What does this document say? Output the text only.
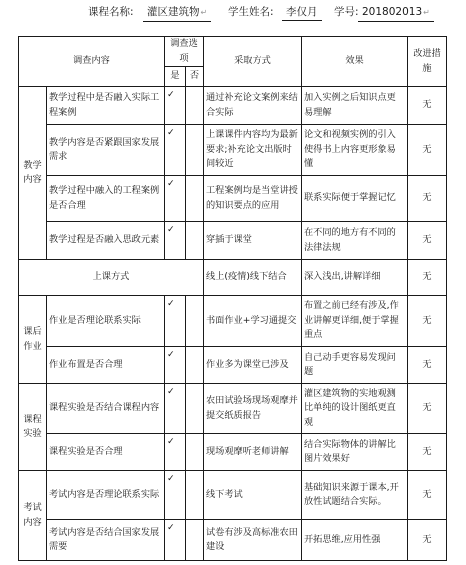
课程名称:	灌区建筑物↵	学生姓名:	李仅月	学号: 201802013↵
调查内容		调查选项		采取方式	效果	改进措施
		是	否			
教学内容	教学过程中是否融入实际工程案例	✓		通过补充论文案例来结合实际	加入实例之后知识点更易理解	无
	教学内容是否紧跟国家发展需求	✓		上课课件内容均为最新要求;补充论文出版时间较近	论文和视频实例的引入使得书上内容更形象易懂	无
	教学过程中融入的工程案例是否合理	✓		工程案例均是当堂讲授的知识要点的应用	联系实际便于掌握记忆	无
	教学过程是否融入思政元素	✓		穿插于课堂	在不同的地方有不同的法律法规	无
上课方式				线上(疫情)线下结合	深入浅出,讲解详细	无
课后作业	作业是否理论联系实际	✓		书面作业+学习通提交	布置之前已经有涉及,作业讲解更详细,便于掌握重点	无
	作业布置是否合理	✓		作业多为课堂已涉及	自己动手更容易发现问题	无
课程实验	课程实验是否结合课程内容	✓		农田试验场现场观摩并提交纸质报告	灌区建筑物的实地观测比单纯的设计图纸更直观	无
	课程实验是否合理	✓		现场观摩听老师讲解	结合实际物体的讲解比图片效果好	无
考试内容	考试内容是否理论联系实际	✓		线下考试	基础知识来源于课本,开放性试题结合实际。	无
	考试内容是否结合国家发展需要	✓		试卷有涉及高标准农田建设	开拓思维,应用性强	无
